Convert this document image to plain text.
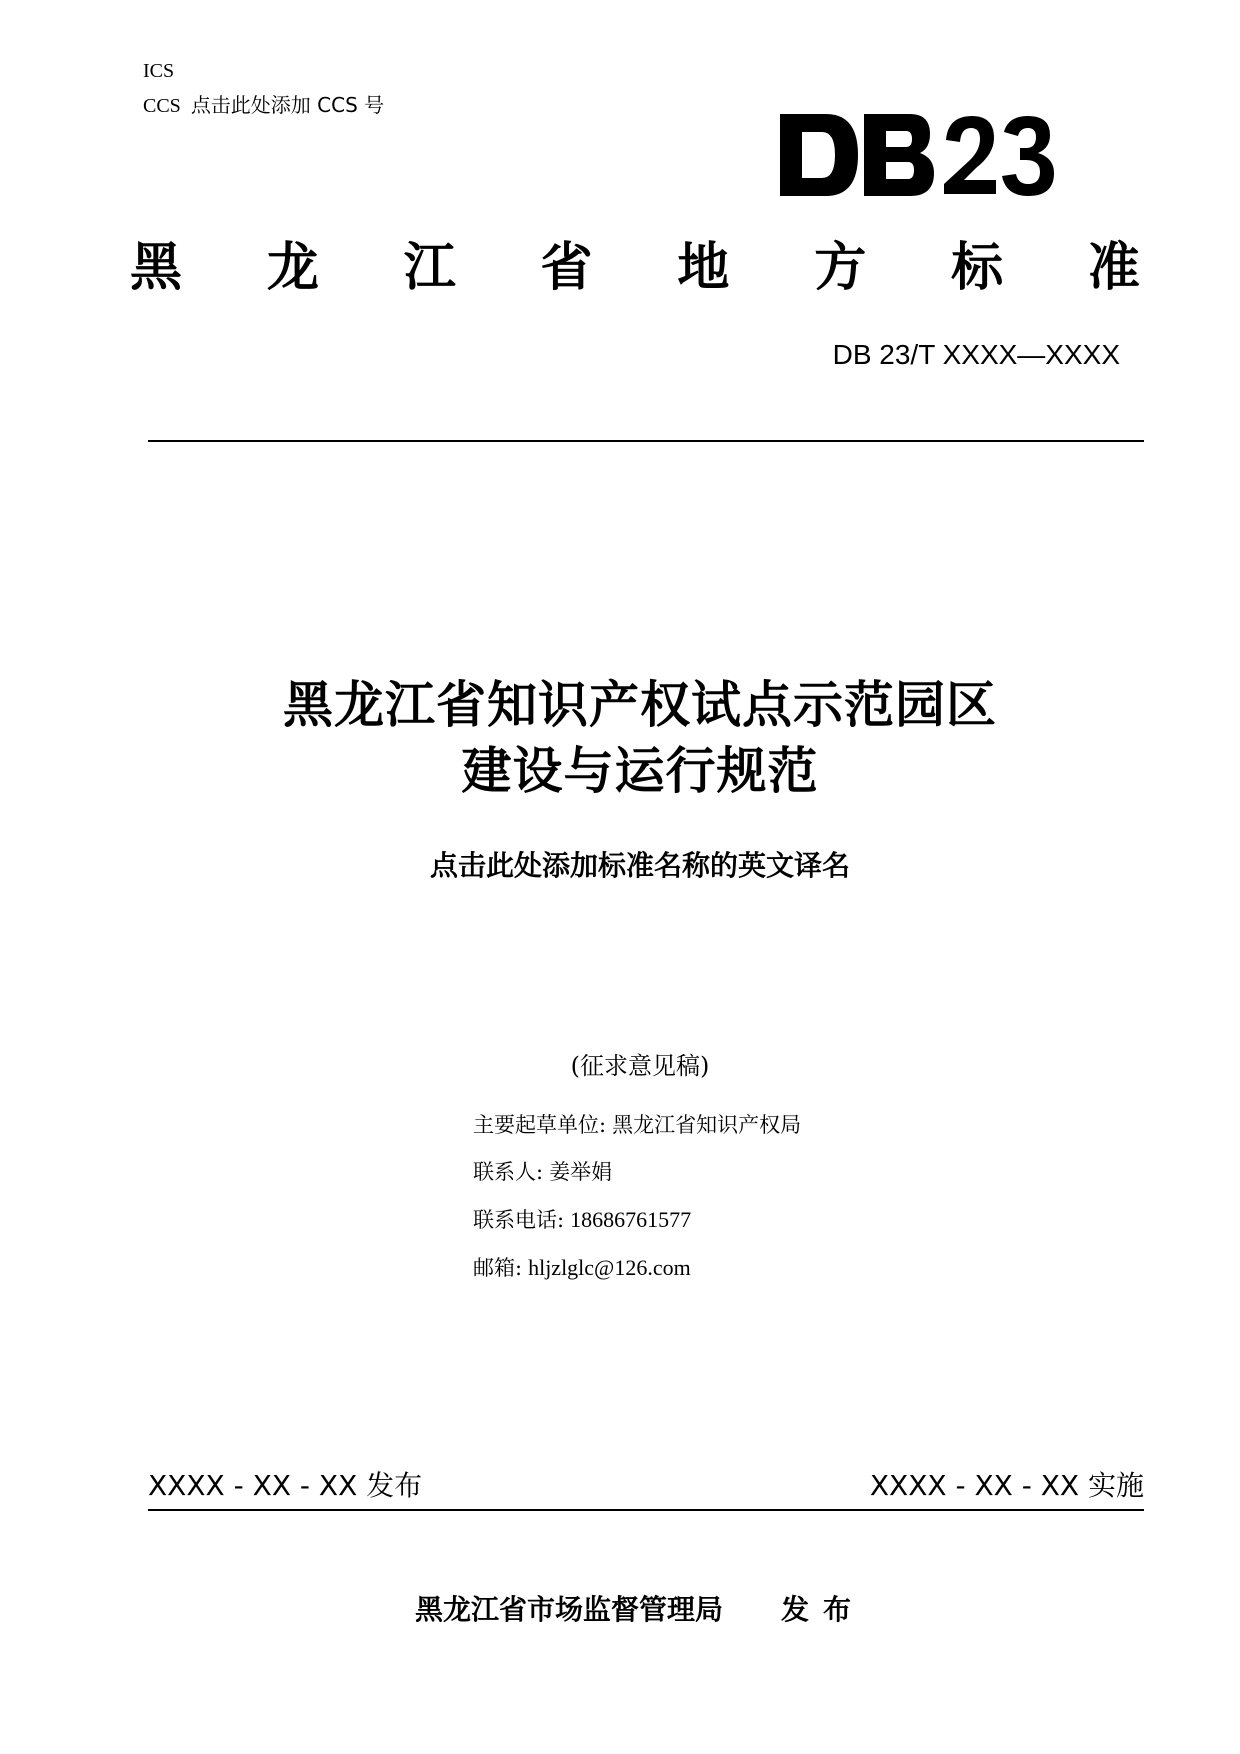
ICS
CCS 点击此处添加 CCS 号
黑 龙 江 省 地 方 标 准
DB 23/T XXXX—XXXX
黑龙江省知识产权试点示范园区
建设与运行规范
点击此处添加标准名称的英文译名
(征求意见稿)
主要起草单位: 黑龙江省知识产权局
联系人: 姜举娟
联系电话: 18686761577
邮箱: hljzlglc@126.com
XXXX - XX - XX 发布	XXXX - XX - XX 实施
黑龙江省市场监督管理局 发布
